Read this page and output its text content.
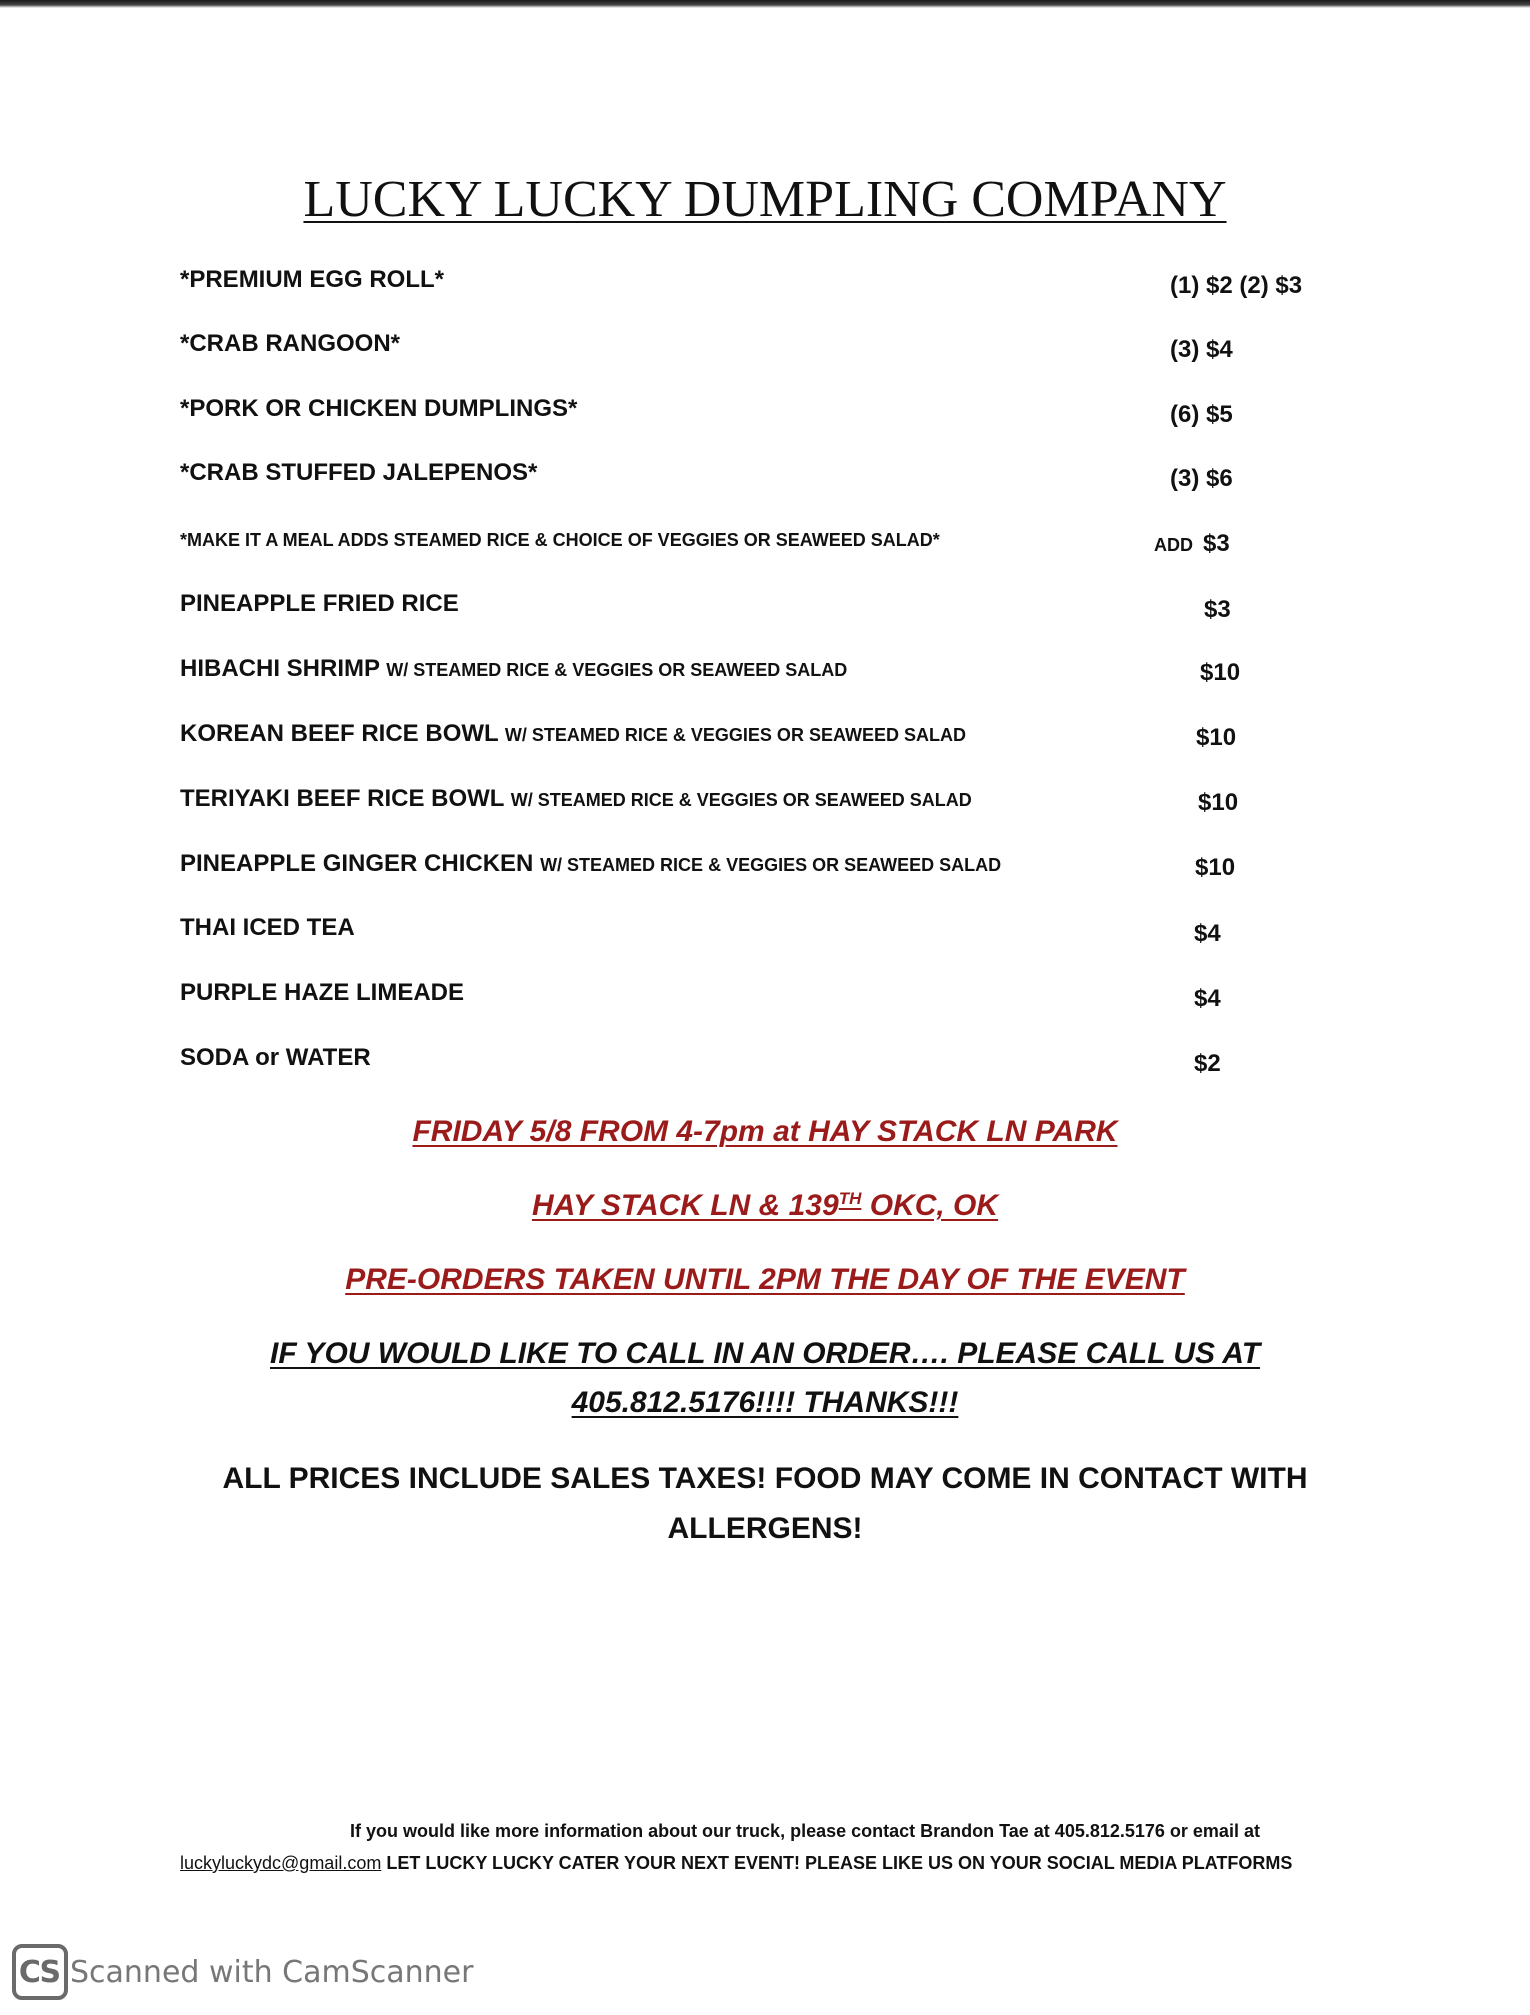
LUCKY LUCKY DUMPLING COMPANY
*PREMIUM EGG ROLL*	(1) $2 (2) $3
*CRAB RANGOON*	(3) $4
*PORK OR CHICKEN DUMPLINGS*	(6) $5
*CRAB STUFFED JALEPENOS*	(3) $6
*MAKE IT A MEAL ADDS STEAMED RICE & CHOICE OF VEGGIES OR SEAWEED SALAD*	ADD $3
PINEAPPLE FRIED RICE	$3
HIBACHI SHRIMP W/ STEAMED RICE & VEGGIES OR SEAWEED SALAD	$10
KOREAN BEEF RICE BOWL W/ STEAMED RICE & VEGGIES OR SEAWEED SALAD	$10
TERIYAKI BEEF RICE BOWL W/ STEAMED RICE & VEGGIES OR SEAWEED SALAD	$10
PINEAPPLE GINGER CHICKEN W/ STEAMED RICE & VEGGIES OR SEAWEED SALAD	$10
THAI ICED TEA	$4
PURPLE HAZE LIMEADE	$4
SODA or WATER	$2
FRIDAY 5/8 FROM 4-7pm at HAY STACK LN PARK
HAY STACK LN & 139TH OKC, OK
PRE-ORDERS TAKEN UNTIL 2PM THE DAY OF THE EVENT
IF YOU WOULD LIKE TO CALL IN AN ORDER…. PLEASE CALL US AT
405.812.5176!!!! THANKS!!!
ALL PRICES INCLUDE SALES TAXES! FOOD MAY COME IN CONTACT WITH
ALLERGENS!
If you would like more information about our truck, please contact Brandon Tae at 405.812.5176 or email at
luckyluckydc@gmail.com LET LUCKY LUCKY CATER YOUR NEXT EVENT! PLEASE LIKE US ON YOUR SOCIAL MEDIA PLATFORMS
CS Scanned with CamScanner
